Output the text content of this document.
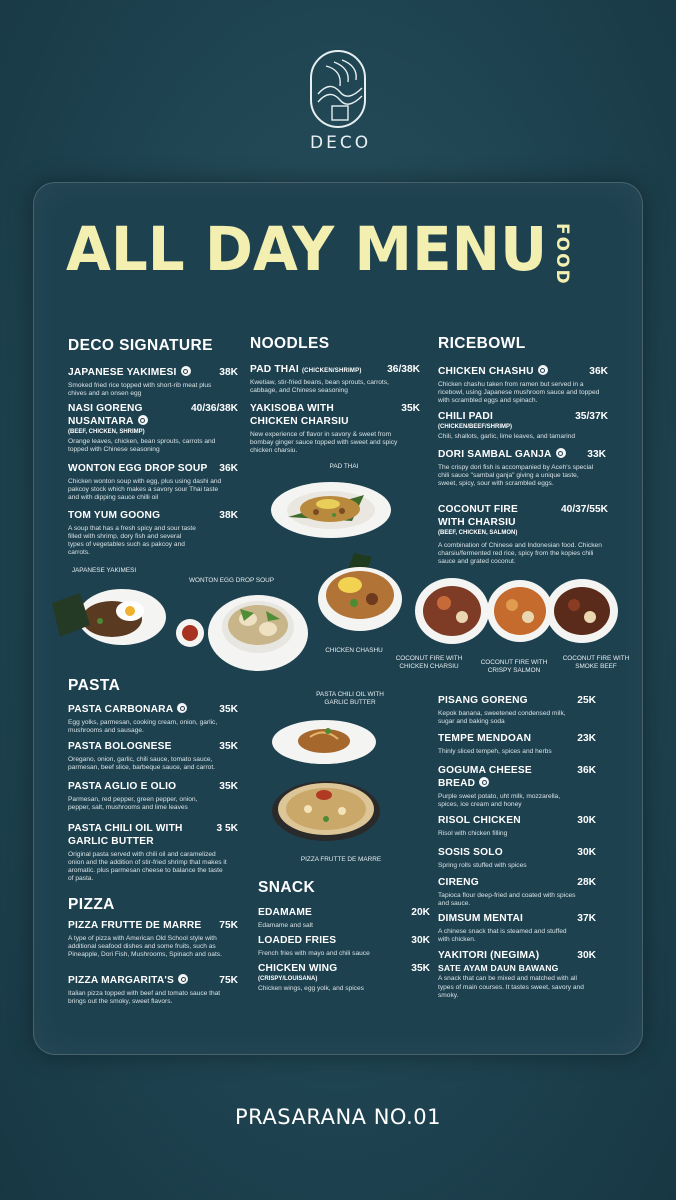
DECO
ALL DAY MENU FOOD
DECO SIGNATURE
JAPANESE YAKIMESI	38K
Smoked fried rice topped with short-rib meat plus chives and an onsen egg
NASI GORENG NUSANTARA
40/36/38K
(BEEF, CHICKEN, SHRIMP)
Orange leaves, chicken, bean sprouts, carrots and topped with Chinese seasoning
WONTON EGG DROP SOUP 36K
Chicken wonton soup with egg, plus using dashi and pakcoy stock which makes a savory sour Thai taste and with dipping sauce chilli oil
TOM YUM GOONG	38K
A soup that has a fresh spicy and sour taste filled with shrimp, dory fish and several types of vegetables such as pakcoy and carrots.
NOODLES
PAD THAI (CHICKEN/SHRIMP)	36/38K
Kwetiaw, stir-fried beans, bean sprouts, carrots, cabbage, and Chinese seasoning
YAKISOBA WITH CHICKEN CHARSIU
35K
New experience of flavor in savory & sweet from bombay ginger sauce topped with sweet and spicy chicken charsiu.
PAD THAI
RICEBOWL
CHICKEN CHASHU	36K
Chicken chashu taken from ramen but served in a ricebowl, using Japanese mushroom sauce and topped with scrambled eggs and spinach.
CHILI PADI	35/37K
(CHICKEN/BEEF/SHRIMP)
Chili, shallots, garlic, lime leaves, and tamarind
DORI SAMBAL GANJA	33K
The crispy dori fish is accompanied by Aceh's special chili sauce "sambal ganja" giving a unique taste, sweet, spicy, sour with scrambled eggs.
COCONUT FIRE WITH CHARSIU
40/37/55K
(BEEF, CHICKEN, SALMON)
A combination of Chinese and Indonesian food. Chicken charsiu/fermented red rice, spicy from the kopies chili sauce and grated coconut.
JAPANESE YAKIMESI
WONTON EGG DROP SOUP
CHICKEN CHASHU
COCONUT FIRE WITH CHICKEN CHARSIU
COCONUT FIRE WITH CRISPY SALMON
COCONUT FIRE WITH SMOKE BEEF
PASTA
PASTA CARBONARA	35K
Egg yolks, parmesan, cooking cream, onion, garlic, mushrooms and sausage.
PASTA BOLOGNESE	35K
Oregano, onion, garlic, chili sauce, tomato sauce, parmesan, beef slice, barbeque sauce, and carrot.
PASTA AGLIO E OLIO	35K
Parmesan, red pepper, green pepper, onion, pepper, salt, mushrooms and lime leaves
PASTA CHILI OIL WITH GARLIC BUTTER
3 5K
Original pasta served with chili oil and caramelized onion and the addition of stir-fried shrimp that makes it aromatic. plus parmesan cheese to balance the taste of pasta.
PIZZA
PIZZA FRUTTE DE MARRE 75K
A type of pizza with American Old School style with additional seafood dishes and some fruits, such as Pineapple, Dori Fish, Mushrooms, Spinach and oats.
PIZZA MARGARITA'S	75K
Italian pizza topped with beef and tomato sauce that brings out the smoky, sweet flavors.
PASTA CHILI OIL WITH GARLIC BUTTER
PIZZA FRUTTE DE MARRE
SNACK
EDAMAME	20K
Edamame and salt
LOADED FRIES	30K
French fries with mayo and chili sauce
CHICKEN WING	35K
(CRISPY/LOUISANA)
Chicken wings, egg yolk, and spices
PISANG GORENG	25K
Kepok banana, sweetened condensed milk, sugar and baking soda
TEMPE MENDOAN	23K
Thinly sliced tempeh, spices and herbs
GOGUMA CHEESE BREAD
36K
Purple sweet potato, uht milk, mozzarella, spices, ice cream and honey
RISOL CHICKEN	30K
Risol with chicken filling
SOSIS SOLO	30K
Spring rolls stuffed with spices
CIRENG	28K
Tapioca flour deep-fried and coated with spices and sauce.
DIMSUM MENTAI	37K
A chinese snack that is steamed and stuffed with chicken.
YAKITORI (NEGIMA)	30K
SATE AYAM DAUN BAWANG
A snack that can be mixed and matched with all types of main courses. It tastes sweet, savory and smoky.
PRASARANA NO.01
